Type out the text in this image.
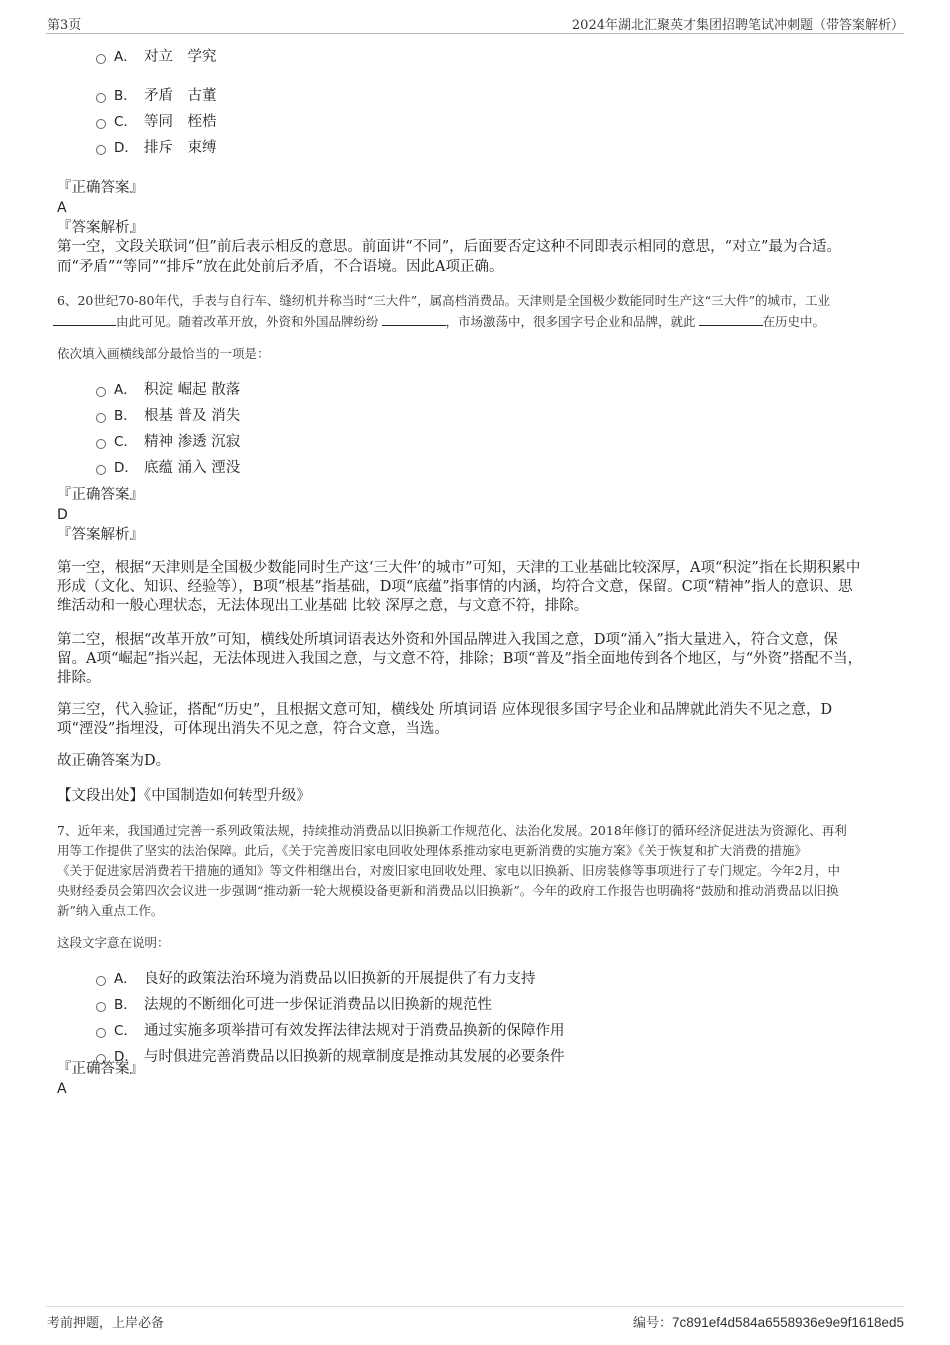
第3页	2024年湖北汇聚英才集团招聘笔试冲刺题（带答案解析）
A． 对立　学究
B． 矛盾　古董
C． 等同　桎梏
D． 排斥　束缚
『正确答案』
A
『答案解析』
第一空，文段关联词“但”前后表示相反的意思。前面讲“不同”，后面要否定这种不同即表示相同的意思，“对立”最为合适。
而“矛盾”“等同”“排斥”放在此处前后矛盾，不合语境。因此A项正确。
6、20世纪70-80年代，手表与自行车、缝纫机并称当时“三大件”，属高档消费品。天津则是全国极少数能同时生产这“三大件”的城市，工业
由此可见。随着改革开放，外资和外国品牌纷纷	，市场激荡中，很多国字号企业和品牌，就此	在历史中。
依次填入画横线部分最恰当的一项是：
A． 积淀 崛起 散落
B． 根基 普及 消失
C． 精神 渗透 沉寂
D． 底蕴 涌入 湮没
『正确答案』
D
『答案解析』
第一空，根据“天津则是全国极少数能同时生产这‘三大件’的城市”可知，天津的工业基础比较深厚，A项“积淀”指在长期积累中
形成（文化、知识、经验等），B项“根基”指基础，D项“底蕴”指事情的内涵，均符合文意，保留。C项“精神”指人的意识、思
维活动和一般心理状态，无法体现出工业基础 比较 深厚之意，与文意不符，排除。
第二空，根据“改革开放”可知，横线处所填词语表达外资和外国品牌进入我国之意，D项“涌入”指大量进入，符合文意，保
留。A项“崛起”指兴起，无法体现进入我国之意，与文意不符，排除；B项“普及”指全面地传到各个地区，与“外资”搭配不当，
排除。
第三空，代入验证，搭配“历史”，且根据文意可知，横线处 所填词语 应体现很多国字号企业和品牌就此消失不见之意，D
项“湮没”指埋没，可体现出消失不见之意，符合文意，当选。
故正确答案为D。
【文段出处】《中国制造如何转型升级》
7、近年来，我国通过完善一系列政策法规，持续推动消费品以旧换新工作规范化、法治化发展。2018年修订的循环经济促进法为资源化、再利
用等工作提供了坚实的法治保障。此后，《关于完善废旧家电回收处理体系推动家电更新消费的实施方案》《关于恢复和扩大消费的措施》
《关于促进家居消费若干措施的通知》等文件相继出台，对废旧家电回收处理、家电以旧换新、旧房装修等事项进行了专门规定。今年2月，中
央财经委员会第四次会议进一步强调“推动新一轮大规模设备更新和消费品以旧换新”。今年的政府工作报告也明确将“鼓励和推动消费品以旧换
新”纳入重点工作。
这段文字意在说明：
A． 良好的政策法治环境为消费品以旧换新的开展提供了有力支持
B． 法规的不断细化可进一步保证消费品以旧换新的规范性
C． 通过实施多项举措可有效发挥法律法规对于消费品换新的保障作用
D． 与时俱进完善消费品以旧换新的规章制度是推动其发展的必要条件
『正确答案』
A
考前押题，上岸必备	编号：7c891ef4d584a6558936e9e9f1618ed5
